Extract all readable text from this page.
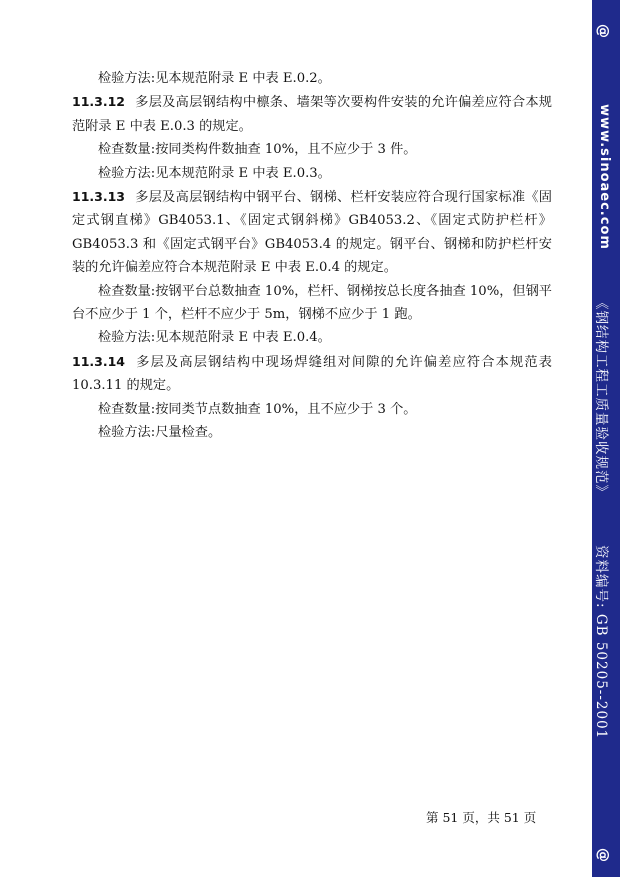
检验方法:见本规范附录 E 中表 E.0.2。

11.3.12 多层及高层钢结构中檩条、墙架等次要构件安装的允许偏差应符合本规范附录 E 中表 E.0.3 的规定。

检查数量:按同类构件数抽查 10%，且不应少于 3 件。

检验方法:见本规范附录 E 中表 E.0.3。

11.3.13 多层及高层钢结构中钢平台、钢梯、栏杆安装应符合现行国家标准《固定式钢直梯》GB4053.1、《固定式钢斜梯》GB4053.2、《固定式防护栏杆》GB4053.3 和《固定式钢平台》GB4053.4 的规定。钢平台、钢梯和防护栏杆安装的允许偏差应符合本规范附录 E 中表 E.0.4 的规定。

检查数量:按钢平台总数抽查 10%，栏杆、钢梯按总长度各抽查 10%，但钢平台不应少于 1 个，栏杆不应少于 5m，钢梯不应少于 1 跑。

检验方法:见本规范附录 E 中表 E.0.4。

11.3.14 多层及高层钢结构中现场焊缝组对间隙的允许偏差应符合本规范表 10.3.11 的规定。

检查数量:按同类节点数抽查 10%，且不应少于 3 个。

检验方法:尺量检查。

第 51 页，共 51 页
@
www.sinoaec.com
《钢结构工程工质量验收规范》
资料编号: GB 50205--2001
@
